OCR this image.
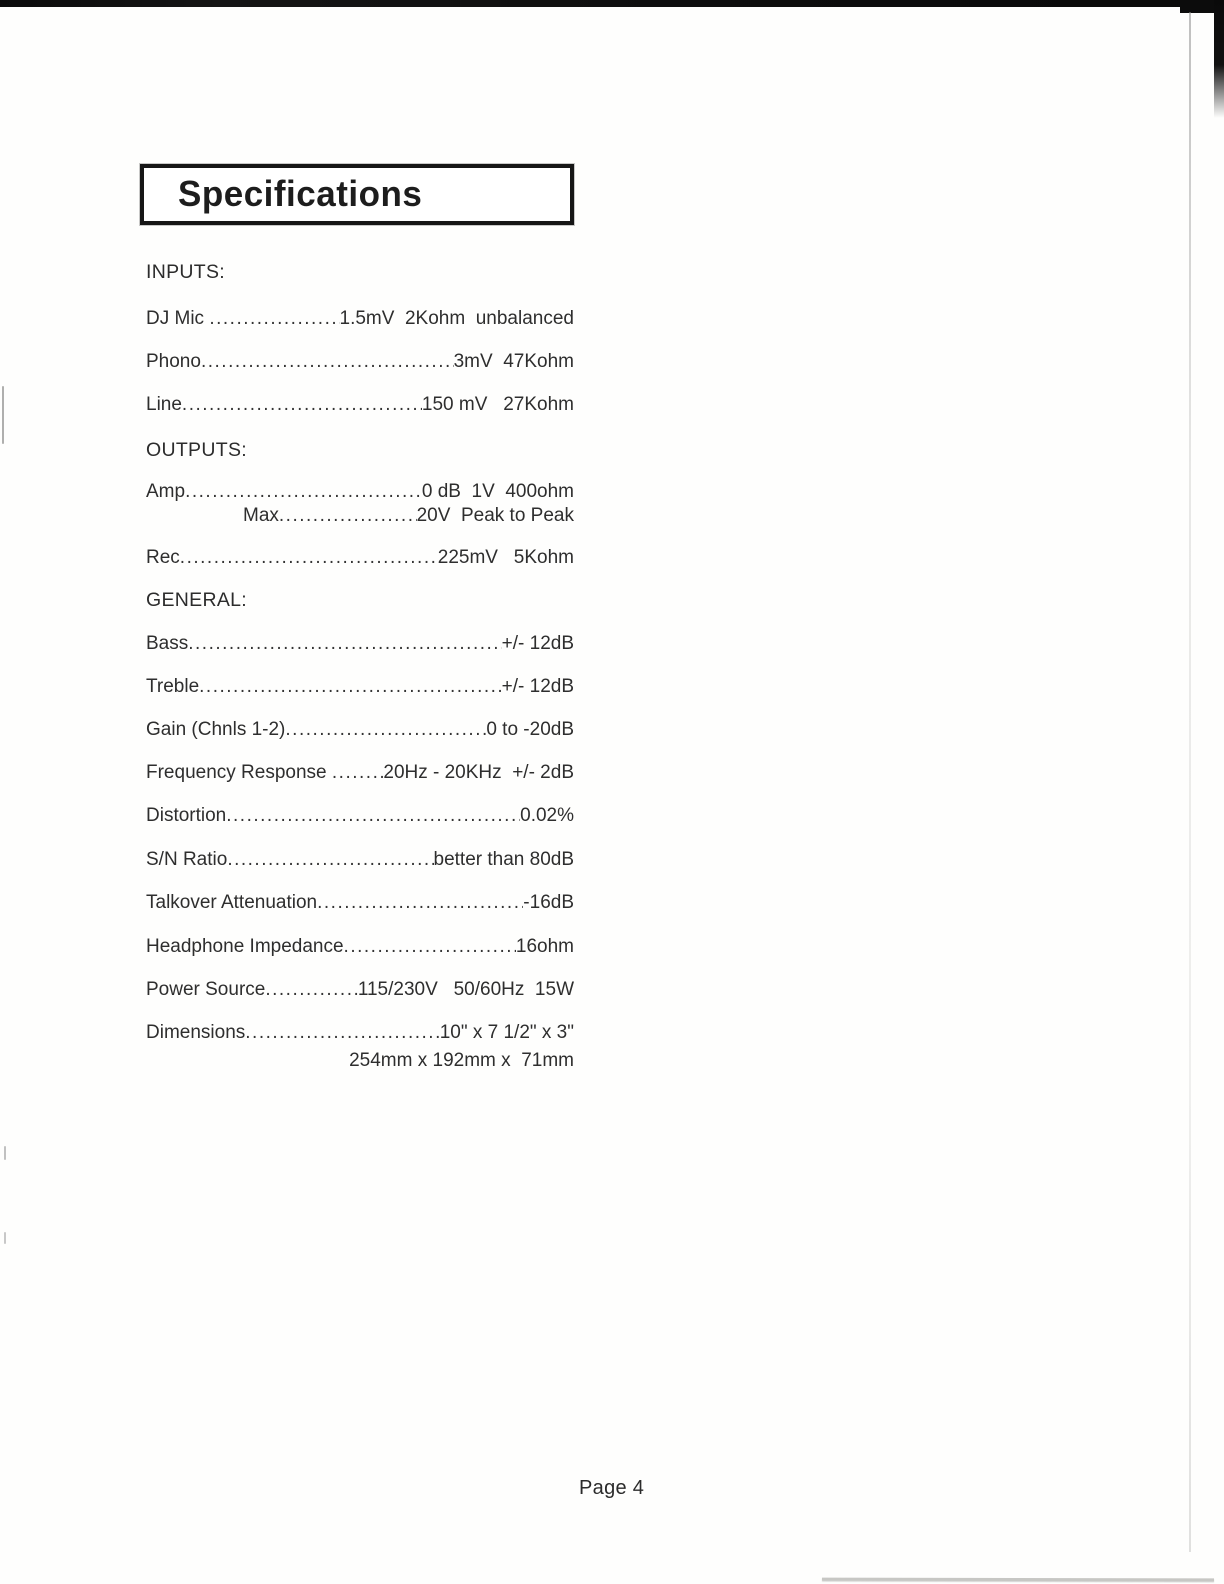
Specifications
INPUTS:
DJ Mic .....	1.5mV  2Kohm  unbalanced
Phono .....	3mV  47Kohm
Line .....	150 mV   27Kohm
OUTPUTS:
Amp .....	0 dB  1V  400ohm
Max .....	20V  Peak to Peak
Rec .....	225mV   5Kohm
GENERAL:
Bass .....	+/- 12dB
Treble .....	+/- 12dB
Gain (Chnls 1-2) .....	0 to -20dB
Frequency Response .....	20Hz - 20KHz  +/- 2dB
Distortion .....	0.02%
S/N Ratio .....	better than 80dB
Talkover Attenuation .....	-16dB
Headphone Impedance .....	16ohm
Power Source .....	115/230V   50/60Hz  15W
Dimensions .....	10" x 7 1/2" x 3"
254mm x 192mm x  71mm
Page 4
